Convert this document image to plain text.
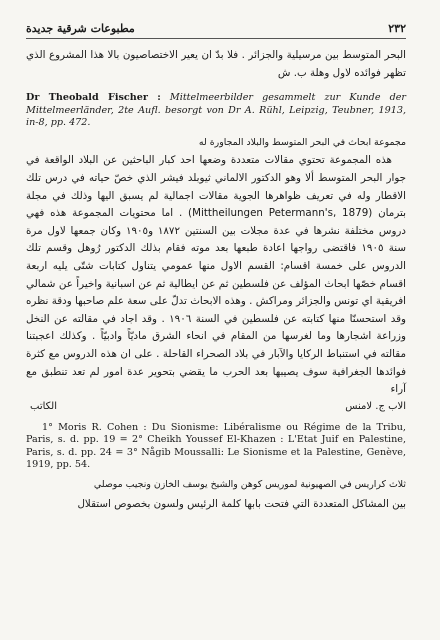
٢٣٢
مطبوعات شرقية جديدة
البحر المتوسط بين مرسيلية والجزائر . فلا بدّ ان يعير الاختصاصيون بالا هذا المشروع الذي تظهر فوائده لاول وهلة ب. ش
Dr Theobald Fischer : Mittelmeerbilder gesammelt zur Kunde der Mittelmeerländer, 2te Aufl. besorgt von Dr A. Rühl, Leipzig, Teubner, 1913, in-8, pp. 472.
مجموعة ابحاث في البحر المتوسط والبلاد المجاورة له

هذه المجموعة تحتوي مقالات متعددة وضعها احد كبار الباحثين عن البلاد الواقعة في جوار البحر المتوسط ألا وهو الدكتور الالماني ثيوبلد فيشر الذي خصّ حياته في درس تلك الاقطار وله في تعريف ظواهرها الجوية مقالات اجمالية لم يسبق اليها وذلك في مجلة بترمان (Mittheilungen Petermann's, 1879) . اما محتويات المجموعة هذه فهي دروس مختلفة نشرها في عدة مجلات بين السنتين ١٨٧٢ و١٩٠٥ وكان جمعها لاول مرة سنة ١٩٠٥ فاقتضى رواجها اعادة طبعها بعد موته فقام بذلك الدكتور رُوهل وقسم تلك الدروس على خمسة اقسام: القسم الاول منها عمومي يتناول كتابات شتّى يليه اربعة اقسام خصّها ابحاث المؤلف عن فلسطين ثم عن ايطالية ثم عن اسبانية واخيراً عن شمالي افريقية اي تونس والجزائر ومراكش . وهذه الابحاث تدلّ على سعة علم صاحبها ودقة نظره وقد استحسنّا منها كتابته عن فلسطين في السنة ١٩٠٦ . وقد اجاد في مقالته عن النخل وزراعة اشجارها وما لغرسها من المقام في انحاء الشرق ماديّاً وادبيّاً . وكذلك اعجبتنا مقالته في استنباط الركايا والآبار في بلاد الصحراء القاحلة . على ان هذه الدروس مع كثرة فوائدها الجغرافية سوف يصيبها بعد الحرب ما يقضي بتحوير عدة امور لم تعد تنطبق مع آراء

الاب ج. لامنس
الكاتب
1° Moris R. Cohen : Du Sionisme: Libéralisme ou Régime de la Tribu, Paris, s. d. pp. 19 = 2° Cheikh Youssef El-Khazen : L'Etat Juif en Palestine, Paris, s. d. pp. 24 = 3° Någib Moussalli: Le Sionisme et la Palestine, Genève, 1919, pp. 54.
ثلاث كراريس في الصهيونية لموريس كوهن والشيخ يوسف الخازن ونجيب موصلي
بين المشاكل المتعددة التي فتحت بابها كلمة الرئيس ولسون بخصوص استقلال
